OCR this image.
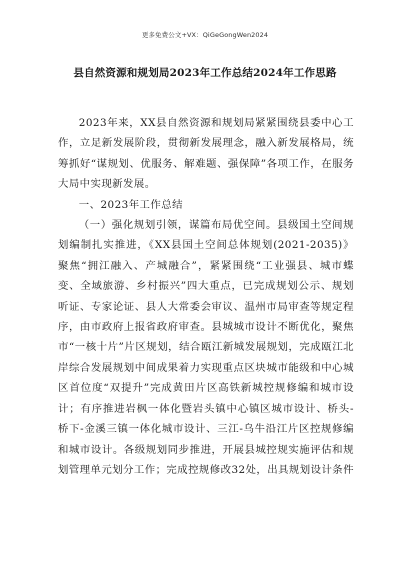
更多免费公文+VX：QiGeGongWen2024
县自然资源和规划局2023年工作总结2024年工作思路

2023年来，XX县自然资源和规划局紧紧围绕县委中心工作，立足新发展阶段，贯彻新发展理念，融入新发展格局，统筹抓好“谋规划、优服务、解难题、强保障”各项工作，在服务大局中实现新发展。

一、2023年工作总结

（一）强化规划引领，谋篇布局优空间。县级国土空间规划编制扎实推进，《XX县国土空间总体规划(2021-2035)》聚焦“拥江融入、产城融合”，紧紧围绕“工业强县、城市蝶变、全域旅游、乡村振兴”四大重点，已完成规划公示、规划听证、专家论证、县人大常委会审议、温州市局审查等规定程序，由市政府上报省政府审查。县城城市设计不断优化，聚焦市“一核十片”片区规划，结合瓯江新城发展规划，完成瓯江北岸综合发展规划中间成果着力实现重点区块城市能级和中心城区首位度“双提升”完成黄田片区高铁新城控规修编和城市设计；有序推进岩枫一体化暨岩头镇中心镇区城市设计、桥头-桥下-金溪三镇一体化城市设计、三江-乌牛沿江片区控规修编和城市设计。各级规划同步推进，开展县城控规实施评估和规划管理单元划分工作；完成控规修改32处，出具规划设计条件
